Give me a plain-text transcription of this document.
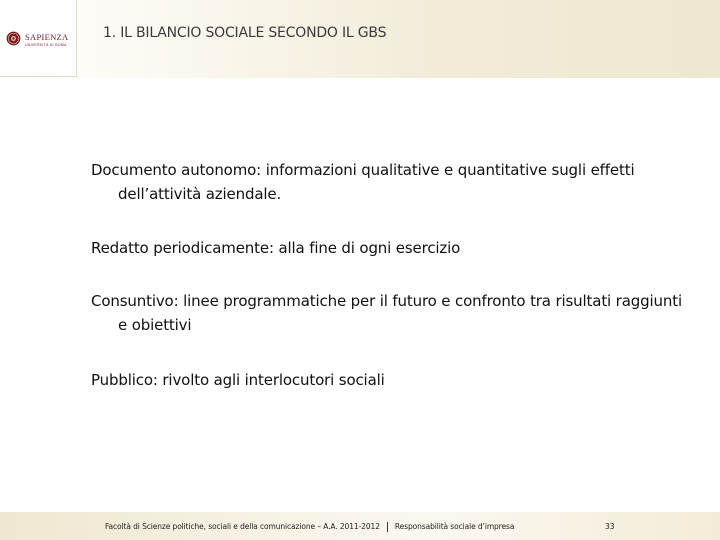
SAPIENZA
UNIVERSITÀ DI ROMA
1. IL BILANCIO SOCIALE SECONDO IL GBS
Documento autonomo: informazioni qualitative e quantitative sugli effetti dell’attività aziendale.
Redatto periodicamente: alla fine di ogni esercizio
Consuntivo: linee programmatiche per il futuro e confronto tra risultati raggiunti e obiettivi
Pubblico: rivolto agli interlocutori sociali
Facoltà di Scienze politiche, sociali e della comunicazione – A.A. 2011-2012 Responsabilità sociale d’impresa	33
